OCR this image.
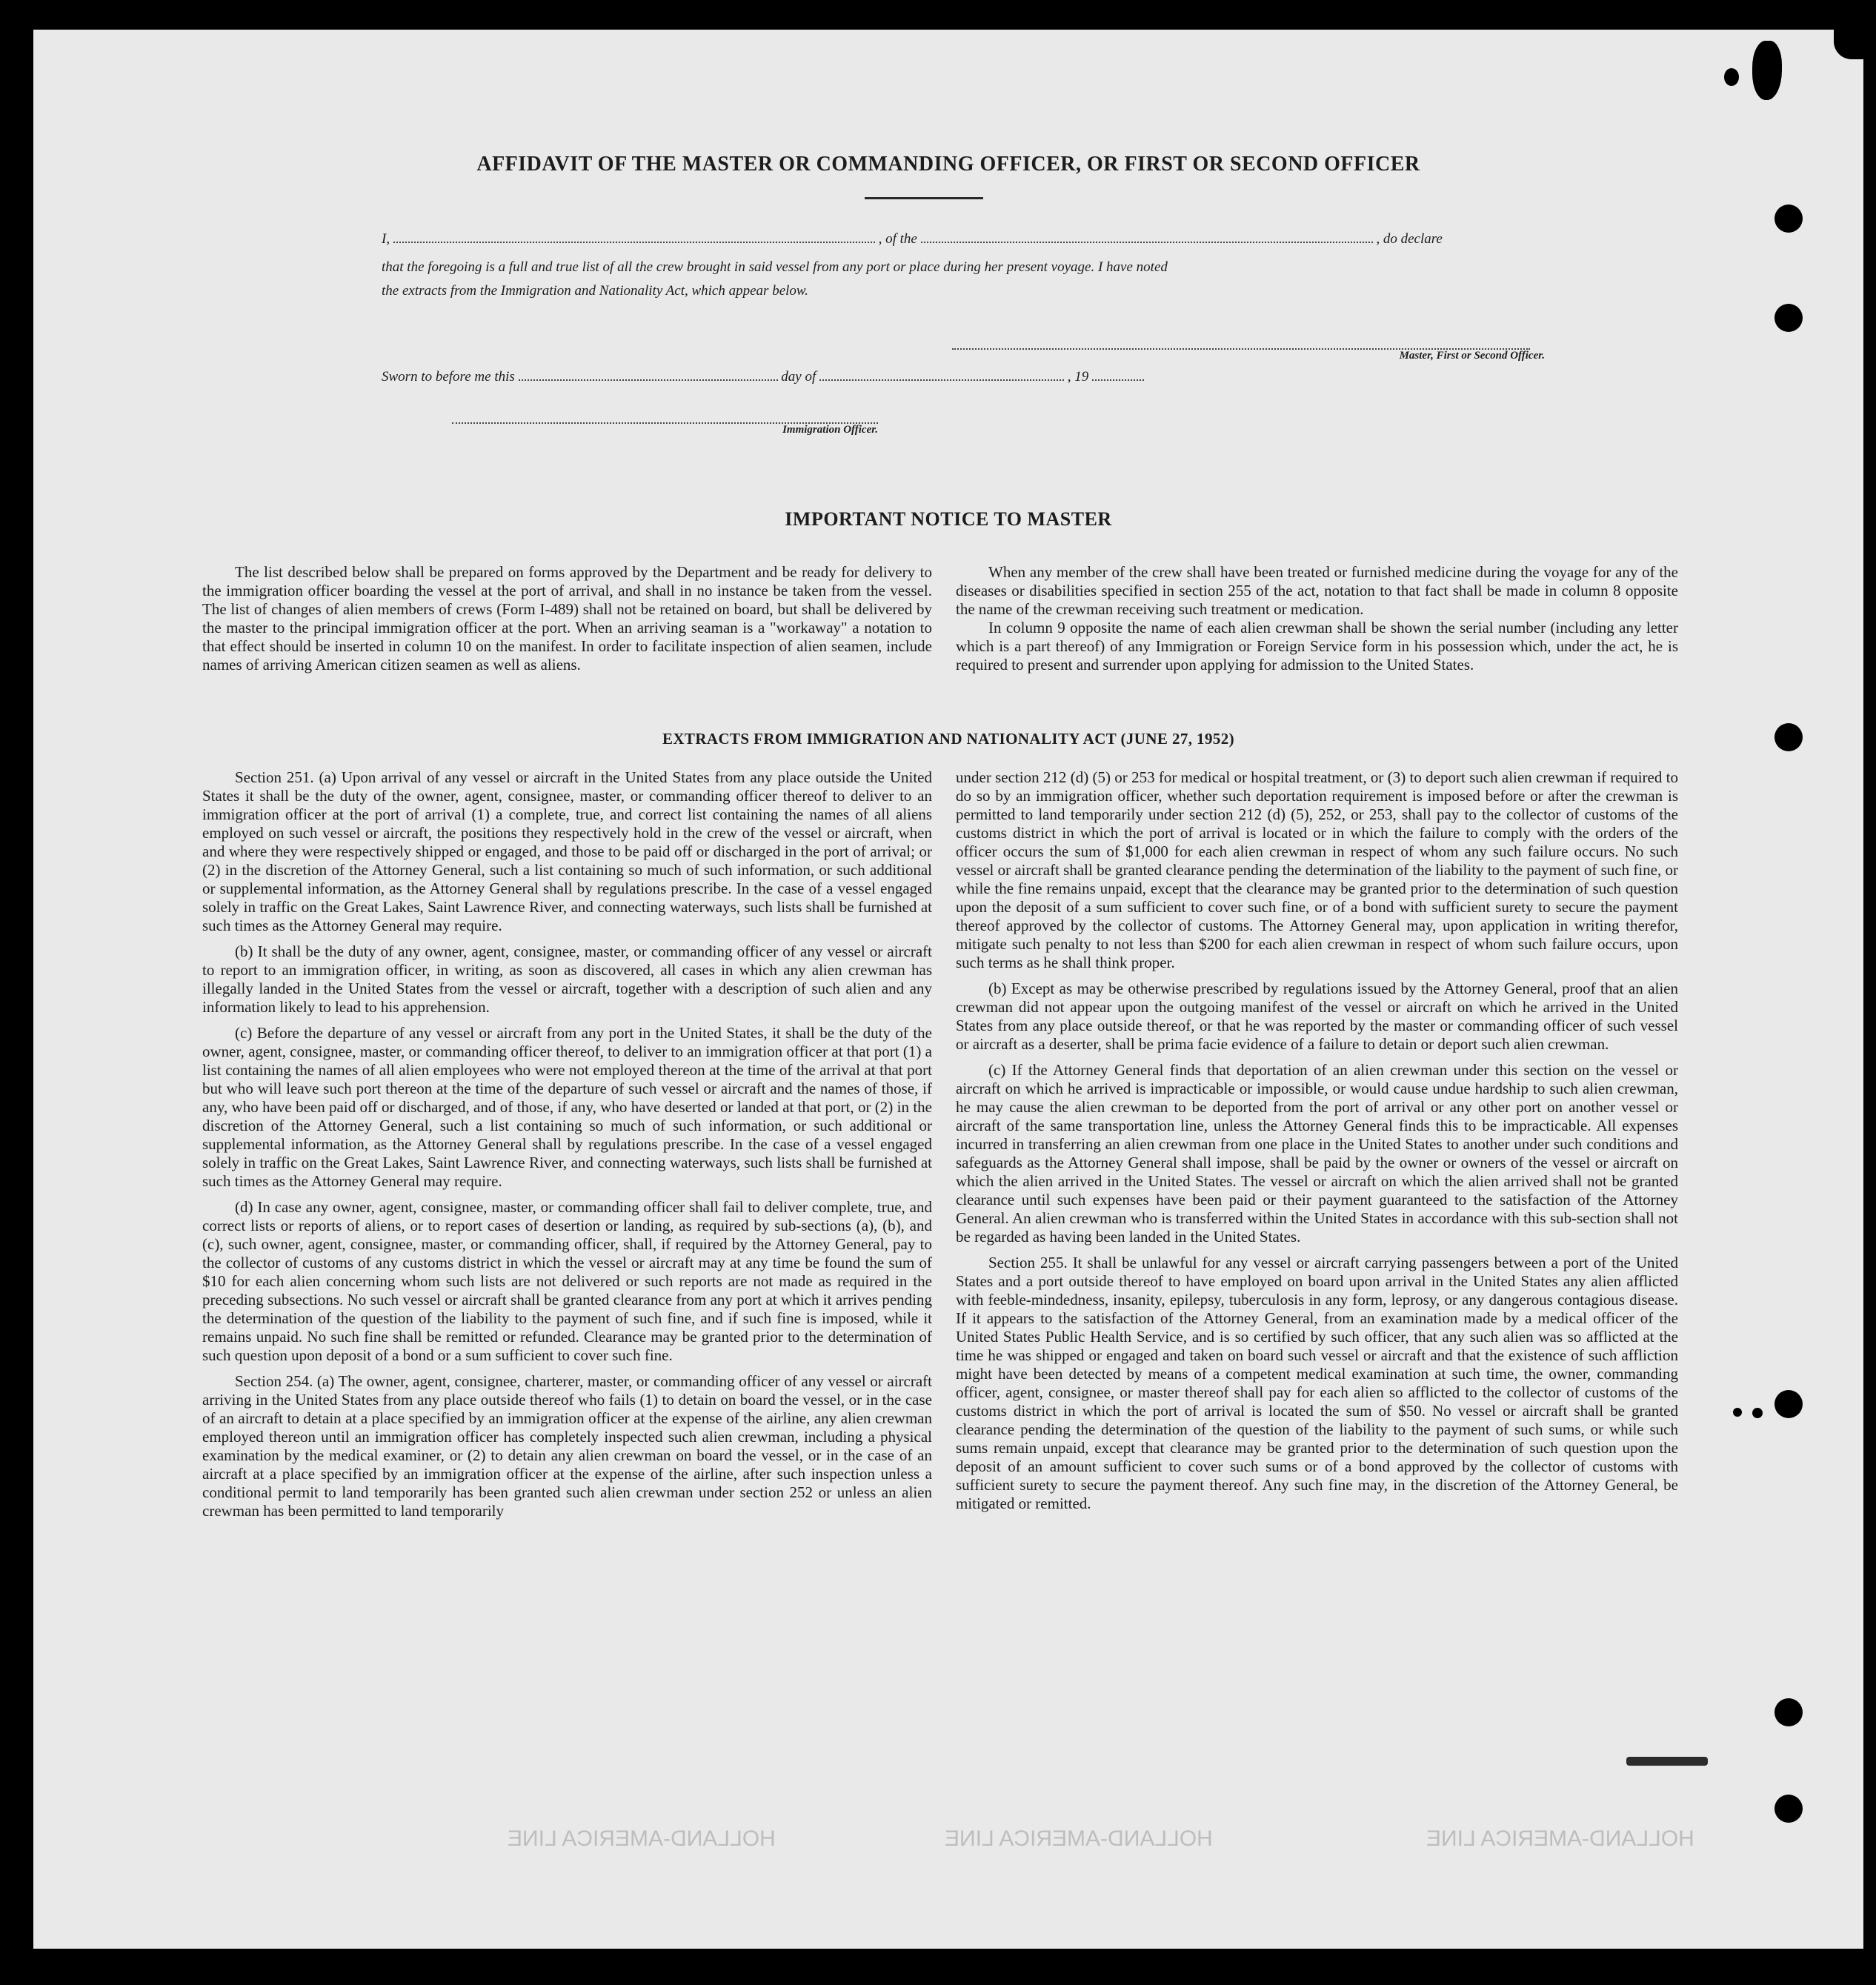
AFFIDAVIT OF THE MASTER OR COMMANDING OFFICER, OR FIRST OR SECOND OFFICER
I,	, of the	, do declare
that the foregoing is a full and true list of all the crew brought in said vessel from any port or place during her present voyage. I have noted
the extracts from the Immigration and Nationality Act, which appear below.
Master, First or Second Officer.
Sworn to before me this	day of	, 19
Immigration Officer.
IMPORTANT NOTICE TO MASTER

The list described below shall be prepared on forms approved by the Department and be ready for delivery to the immigration officer boarding the vessel at the port of arrival, and shall in no instance be taken from the vessel. The list of changes of alien members of crews (Form I-489) shall not be retained on board, but shall be delivered by the master to the principal immigration officer at the port. When an arriving seaman is a "workaway" a notation to that effect should be inserted in column 10 on the manifest. In order to facilitate inspection of alien seamen, include names of arriving American citizen seamen as well as aliens.

When any member of the crew shall have been treated or furnished medicine during the voyage for any of the diseases or disabilities specified in section 255 of the act, notation to that fact shall be made in column 8 opposite the name of the crewman receiving such treatment or medication.

In column 9 opposite the name of each alien crewman shall be shown the serial number (including any letter which is a part thereof) of any Immigration or Foreign Service form in his possession which, under the act, he is required to present and surrender upon applying for admission to the United States.

EXTRACTS FROM IMMIGRATION AND NATIONALITY ACT (JUNE 27, 1952)

Section 251. (a) Upon arrival of any vessel or aircraft in the United States from any place outside the United States it shall be the duty of the owner, agent, consignee, master, or commanding officer thereof to deliver to an immigration officer at the port of arrival (1) a complete, true, and correct list containing the names of all aliens employed on such vessel or aircraft, the positions they respectively hold in the crew of the vessel or aircraft, when and where they were respectively shipped or engaged, and those to be paid off or discharged in the port of arrival; or (2) in the discretion of the Attorney General, such a list containing so much of such information, or such additional or supplemental information, as the Attorney General shall by regulations prescribe. In the case of a vessel engaged solely in traffic on the Great Lakes, Saint Lawrence River, and connecting waterways, such lists shall be furnished at such times as the Attorney General may require.

(b) It shall be the duty of any owner, agent, consignee, master, or commanding officer of any vessel or aircraft to report to an immigration officer, in writing, as soon as discovered, all cases in which any alien crewman has illegally landed in the United States from the vessel or aircraft, together with a description of such alien and any information likely to lead to his apprehension.

(c) Before the departure of any vessel or aircraft from any port in the United States, it shall be the duty of the owner, agent, consignee, master, or commanding officer thereof, to deliver to an immigration officer at that port (1) a list containing the names of all alien employees who were not employed thereon at the time of the arrival at that port but who will leave such port thereon at the time of the departure of such vessel or aircraft and the names of those, if any, who have been paid off or discharged, and of those, if any, who have deserted or landed at that port, or (2) in the discretion of the Attorney General, such a list containing so much of such information, or such additional or supplemental information, as the Attorney General shall by regulations prescribe. In the case of a vessel engaged solely in traffic on the Great Lakes, Saint Lawrence River, and connecting waterways, such lists shall be furnished at such times as the Attorney General may require.

(d) In case any owner, agent, consignee, master, or commanding officer shall fail to deliver complete, true, and correct lists or reports of aliens, or to report cases of desertion or landing, as required by sub-sections (a), (b), and (c), such owner, agent, consignee, master, or commanding officer, shall, if required by the Attorney General, pay to the collector of customs of any customs district in which the vessel or aircraft may at any time be found the sum of $10 for each alien concerning whom such lists are not delivered or such reports are not made as required in the preceding subsections. No such vessel or aircraft shall be granted clearance from any port at which it arrives pending the determination of the question of the liability to the payment of such fine, and if such fine is imposed, while it remains unpaid. No such fine shall be remitted or refunded. Clearance may be granted prior to the determination of such question upon deposit of a bond or a sum sufficient to cover such fine.

Section 254. (a) The owner, agent, consignee, charterer, master, or commanding officer of any vessel or aircraft arriving in the United States from any place outside thereof who fails (1) to detain on board the vessel, or in the case of an aircraft to detain at a place specified by an immigration officer at the expense of the airline, any alien crewman employed thereon until an immigration officer has completely inspected such alien crewman, including a physical examination by the medical examiner, or (2) to detain any alien crewman on board the vessel, or in the case of an aircraft at a place specified by an immigration officer at the expense of the airline, after such inspection unless a conditional permit to land temporarily has been granted such alien crewman under section 252 or unless an alien crewman has been permitted to land temporarily

under section 212 (d) (5) or 253 for medical or hospital treatment, or (3) to deport such alien crewman if required to do so by an immigration officer, whether such deportation requirement is imposed before or after the crewman is permitted to land temporarily under section 212 (d) (5), 252, or 253, shall pay to the collector of customs of the customs district in which the port of arrival is located or in which the failure to comply with the orders of the officer occurs the sum of $1,000 for each alien crewman in respect of whom any such failure occurs. No such vessel or aircraft shall be granted clearance pending the determination of the liability to the payment of such fine, or while the fine remains unpaid, except that the clearance may be granted prior to the determination of such question upon the deposit of a sum sufficient to cover such fine, or of a bond with sufficient surety to secure the payment thereof approved by the collector of customs. The Attorney General may, upon application in writing therefor, mitigate such penalty to not less than $200 for each alien crewman in respect of whom such failure occurs, upon such terms as he shall think proper.

(b) Except as may be otherwise prescribed by regulations issued by the Attorney General, proof that an alien crewman did not appear upon the outgoing manifest of the vessel or aircraft on which he arrived in the United States from any place outside thereof, or that he was reported by the master or commanding officer of such vessel or aircraft as a deserter, shall be prima facie evidence of a failure to detain or deport such alien crewman.

(c) If the Attorney General finds that deportation of an alien crewman under this section on the vessel or aircraft on which he arrived is impracticable or impossible, or would cause undue hardship to such alien crewman, he may cause the alien crewman to be deported from the port of arrival or any other port on another vessel or aircraft of the same transportation line, unless the Attorney General finds this to be impracticable. All expenses incurred in transferring an alien crewman from one place in the United States to another under such conditions and safeguards as the Attorney General shall impose, shall be paid by the owner or owners of the vessel or aircraft on which the alien arrived in the United States. The vessel or aircraft on which the alien arrived shall not be granted clearance until such expenses have been paid or their payment guaranteed to the satisfaction of the Attorney General. An alien crewman who is transferred within the United States in accordance with this sub-section shall not be regarded as having been landed in the United States.

Section 255. It shall be unlawful for any vessel or aircraft carrying passengers between a port of the United States and a port outside thereof to have employed on board upon arrival in the United States any alien afflicted with feeble-mindedness, insanity, epilepsy, tuberculosis in any form, leprosy, or any dangerous contagious disease. If it appears to the satisfaction of the Attorney General, from an examination made by a medical officer of the United States Public Health Service, and is so certified by such officer, that any such alien was so afflicted at the time he was shipped or engaged and taken on board such vessel or aircraft and that the existence of such affliction might have been detected by means of a competent medical examination at such time, the owner, commanding officer, agent, consignee, or master thereof shall pay for each alien so afflicted to the collector of customs of the customs district in which the port of arrival is located the sum of $50. No vessel or aircraft shall be granted clearance pending the determination of the question of the liability to the payment of such sums, or while such sums remain unpaid, except that clearance may be granted prior to the determination of such question upon the deposit of an amount sufficient to cover such sums or of a bond approved by the collector of customs with sufficient surety to secure the payment thereof. Any such fine may, in the discretion of the Attorney General, be mitigated or remitted.

HOLLAND-AMERICA LINE	HOLLAND-AMERICA LINE	HOLLAND-AMERICA LINE
